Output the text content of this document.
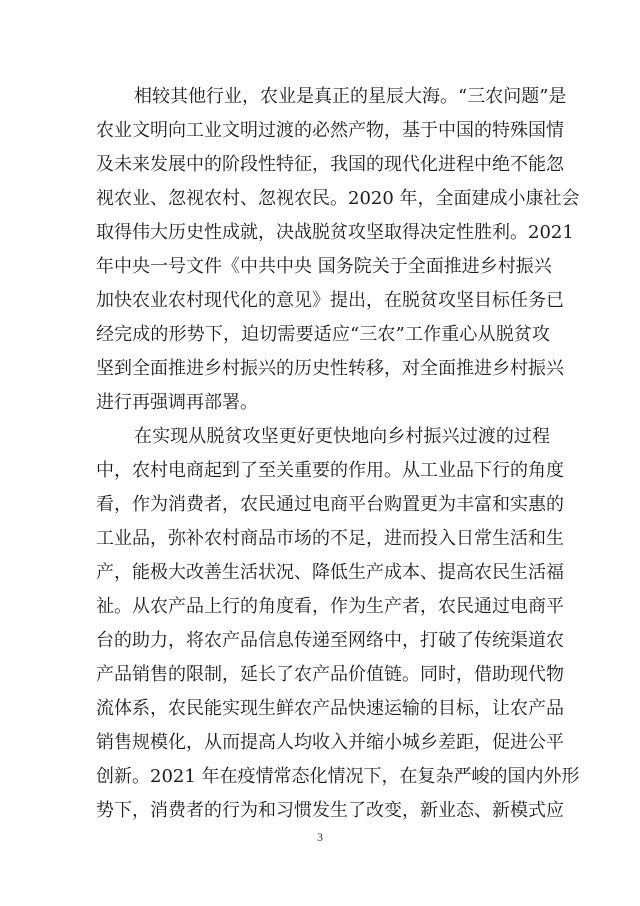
相较其他行业，农业是真正的星辰大海。“三农问题”是
农业文明向工业文明过渡的必然产物，基于中国的特殊国情
及未来发展中的阶段性特征，我国的现代化进程中绝不能忽
视农业、忽视农村、忽视农民。2020 年，全面建成小康社会
取得伟大历史性成就，决战脱贫攻坚取得决定性胜利。2021
年中央一号文件《中共中央 国务院关于全面推进乡村振兴
加快农业农村现代化的意见》提出，在脱贫攻坚目标任务已
经完成的形势下，迫切需要适应“三农”工作重心从脱贫攻
坚到全面推进乡村振兴的历史性转移，对全面推进乡村振兴
进行再强调再部署。
在实现从脱贫攻坚更好更快地向乡村振兴过渡的过程
中，农村电商起到了至关重要的作用。从工业品下行的角度
看，作为消费者，农民通过电商平台购置更为丰富和实惠的
工业品，弥补农村商品市场的不足，进而投入日常生活和生
产，能极大改善生活状况、降低生产成本、提高农民生活福
祉。从农产品上行的角度看，作为生产者，农民通过电商平
台的助力，将农产品信息传递至网络中，打破了传统渠道农
产品销售的限制，延长了农产品价值链。同时，借助现代物
流体系，农民能实现生鲜农产品快速运输的目标，让农产品
销售规模化，从而提高人均收入并缩小城乡差距，促进公平
创新。2021 年在疫情常态化情况下，在复杂严峻的国内外形
势下，消费者的行为和习惯发生了改变，新业态、新模式应
3
